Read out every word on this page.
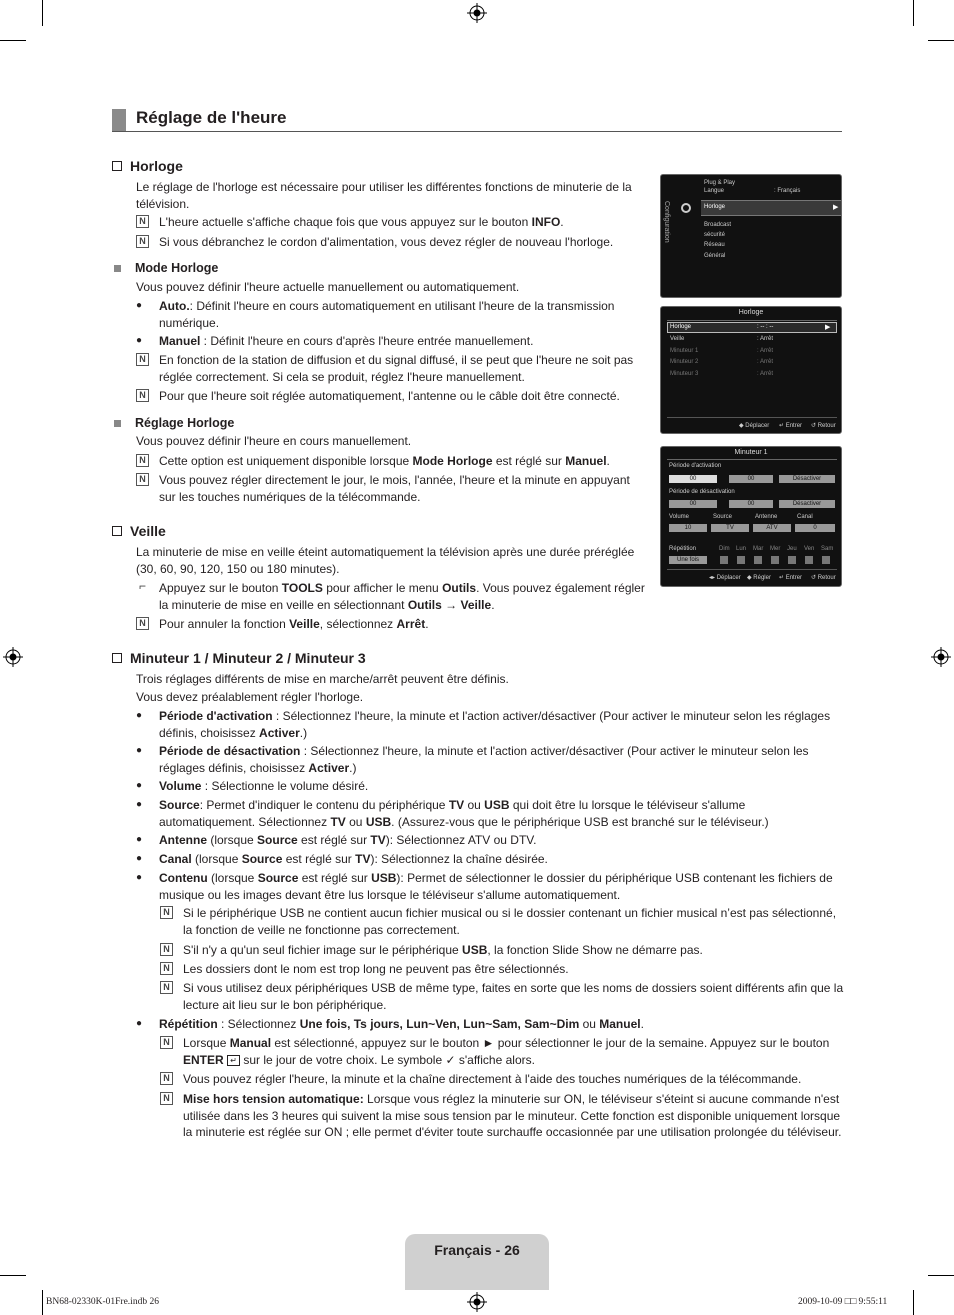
Réglage de l'heure
Horloge
Le réglage de l'horloge est nécessaire pour utiliser les différentes fonctions de minuterie de la télévision.
N L'heure actuelle s'affiche chaque fois que vous appuyez sur le bouton INFO.
N Si vous débranchez le cordon d'alimentation, vous devez régler de nouveau l'horloge.
Mode Horloge
Vous pouvez définir l'heure actuelle manuellement ou automatiquement.
● Auto.: Définit l'heure en cours automatiquement en utilisant l'heure de la transmission numérique.
● Manuel : Définit l'heure en cours d'après l'heure entrée manuellement.
N En fonction de la station de diffusion et du signal diffusé, il se peut que l'heure ne soit pas réglée correctement. Si cela se produit, réglez l'heure manuellement.
N Pour que l'heure soit réglée automatiquement, l'antenne ou le câble doit être connecté.
Réglage Horloge
Vous pouvez définir l'heure en cours manuellement.
N Cette option est uniquement disponible lorsque Mode Horloge est réglé sur Manuel.
N Vous pouvez régler directement le jour, le mois, l'année, l'heure et la minute en appuyant sur les touches numériques de la télécommande.
Veille
La minuterie de mise en veille éteint automatiquement la télévision après une durée préréglée (30, 60, 90, 120, 150 ou 180 minutes).
⌐ Appuyez sur le bouton TOOLS pour afficher le menu Outils. Vous pouvez également régler la minuterie de mise en veille en sélectionnant Outils → Veille.
N Pour annuler la fonction Veille, sélectionnez Arrêt.
Minuteur 1 / Minuteur 2 / Minuteur 3
Trois réglages différents de mise en marche/arrêt peuvent être définis.
Vous devez préalablement régler l'horloge.
● Période d'activation : Sélectionnez l'heure, la minute et l'action activer/désactiver (Pour activer le minuteur selon les réglages définis, choisissez Activer.)
● Période de désactivation : Sélectionnez l'heure, la minute et l'action activer/désactiver (Pour activer le minuteur selon les réglages définis, choisissez Activer.)
● Volume : Sélectionne le volume désiré.
● Source: Permet d'indiquer le contenu du périphérique TV ou USB qui doit être lu lorsque le téléviseur s'allume automatiquement. Sélectionnez TV ou USB. (Assurez-vous que le périphérique USB est branché sur le téléviseur.)
● Antenne (lorsque Source est réglé sur TV): Sélectionnez ATV ou DTV.
● Canal (lorsque Source est réglé sur TV): Sélectionnez la chaîne désirée.
● Contenu (lorsque Source est réglé sur USB): Permet de sélectionner le dossier du périphérique USB contenant les fichiers de musique ou les images devant être lus lorsque le téléviseur s'allume automatiquement.
N Si le périphérique USB ne contient aucun fichier musical ou si le dossier contenant un fichier musical n’est pas sélectionné, la fonction de veille ne fonctionne pas correctement.
N S'il n'y a qu'un seul fichier image sur le périphérique USB, la fonction Slide Show ne démarre pas.
N Les dossiers dont le nom est trop long ne peuvent pas être sélectionnés.
N Si vous utilisez deux périphériques USB de même type, faites en sorte que les noms de dossiers soient différents afin que la lecture ait lieu sur le bon périphérique.
● Répétition : Sélectionnez Une fois, Ts jours, Lun~Ven, Lun~Sam, Sam~Dim ou Manuel.
N Lorsque Manual est sélectionné, appuyez sur le bouton ► pour sélectionner le jour de la semaine. Appuyez sur le bouton ENTER ↵ sur le jour de votre choix. Le symbole ✓ s'affiche alors.
N Vous pouvez régler l'heure, la minute et la chaîne directement à l'aide des touches numériques de la télécommande.
N Mise hors tension automatique: Lorsque vous réglez la minuterie sur ON, le téléviseur s'éteint si aucune commande n'est utilisée dans les 3 heures qui suivent la mise sous tension par le minuteur. Cette fonction est disponible uniquement lorsque la minuterie est réglée sur ON ; elle permet d'éviter toute surchauffe occasionnée par une utilisation prolongée du téléviseur.
Configuration
Plug & Play
Langue	: Français
Horloge	▶
Broadcast
sécurité
Réseau
Général
Horloge
Horloge	: -- : --	▶
Veille	: Arrêt
Minuteur 1	: Arrêt
Minuteur 2	: Arrêt
Minuteur 3	: Arrêt
◆ Déplacer ↵ Entrer ↺ Retour
Minuteur 1
Période d'activation
00	00	Désactiver
Période de désactivation
00	00	Désactiver
Volume	Source	Antenne	Canal
10	TV	ATV	0
Répétition
Une fois
Dim Lun Mar Mer Jeu Ven Sam
◂▸ Déplacer ◆ Régler ↵ Entrer ↺ Retour
Français - 26
BN68-02330K-01Fre.indb 26	2009-10-09 □□ 9:55:11
